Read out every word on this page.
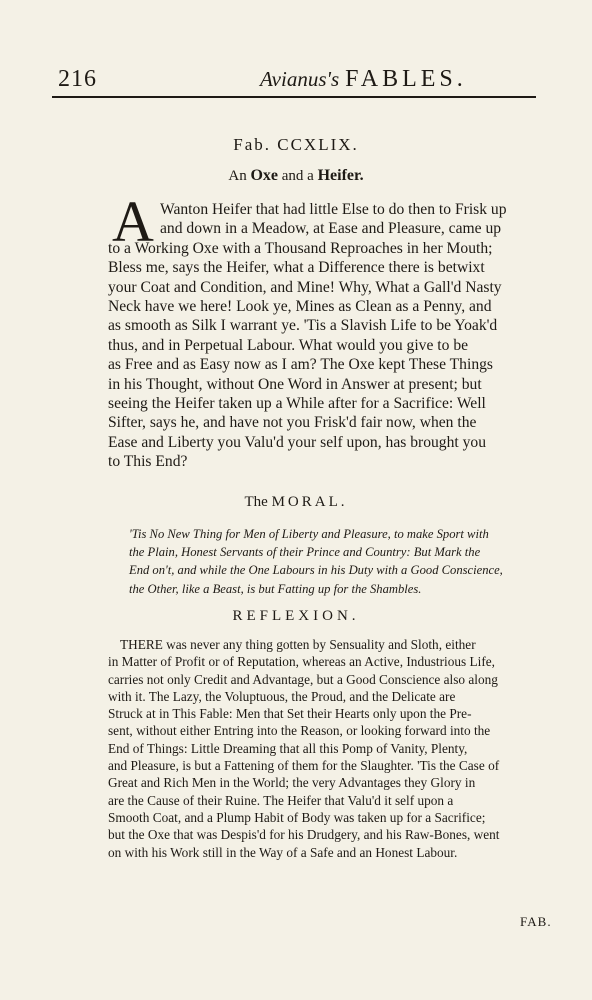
216	Avianus's FABLES.
Fab. CCXLIX.
An Oxe and a Heifer.
A Wanton Heifer that had little Else to do then to Frisk up
and down in a Meadow, at Ease and Pleasure, came up
to a Working Oxe with a Thousand Reproaches in her Mouth;
Bless me, says the Heifer, what a Difference there is betwixt
your Coat and Condition, and Mine! Why, What a Gall'd Nasty
Neck have we here! Look ye, Mines as Clean as a Penny, and
as smooth as Silk I warrant ye. 'Tis a Slavish Life to be Yoak'd
thus, and in Perpetual Labour. What would you give to be
as Free and as Easy now as I am? The Oxe kept These Things
in his Thought, without One Word in Answer at present; but
seeing the Heifer taken up a While after for a Sacrifice: Well
Sifter, says he, and have not you Frisk'd fair now, when the
Ease and Liberty you Valu'd your self upon, has brought you
to This End?
The MORAL.
'Tis No New Thing for Men of Liberty and Pleasure, to make Sport with
the Plain, Honest Servants of their Prince and Country: But Mark the
End on't, and while the One Labours in his Duty with a Good Conscience,
the Other, like a Beast, is but Fatting up for the Shambles.
REFLEXION.
THERE was never any thing gotten by Sensuality and Sloth, either
in Matter of Profit or of Reputation, whereas an Active, Industrious Life,
carries not only Credit and Advantage, but a Good Conscience also along
with it. The Lazy, the Voluptuous, the Proud, and the Delicate are
Struck at in This Fable: Men that Set their Hearts only upon the Pre-
sent, without either Entring into the Reason, or looking forward into the
End of Things: Little Dreaming that all this Pomp of Vanity, Plenty,
and Pleasure, is but a Fattening of them for the Slaughter. 'Tis the Case of
Great and Rich Men in the World; the very Advantages they Glory in
are the Cause of their Ruine. The Heifer that Valu'd it self upon a
Smooth Coat, and a Plump Habit of Body was taken up for a Sacrifice;
but the Oxe that was Despis'd for his Drudgery, and his Raw-Bones, went
on with his Work still in the Way of a Safe and an Honest Labour.
FAB.
